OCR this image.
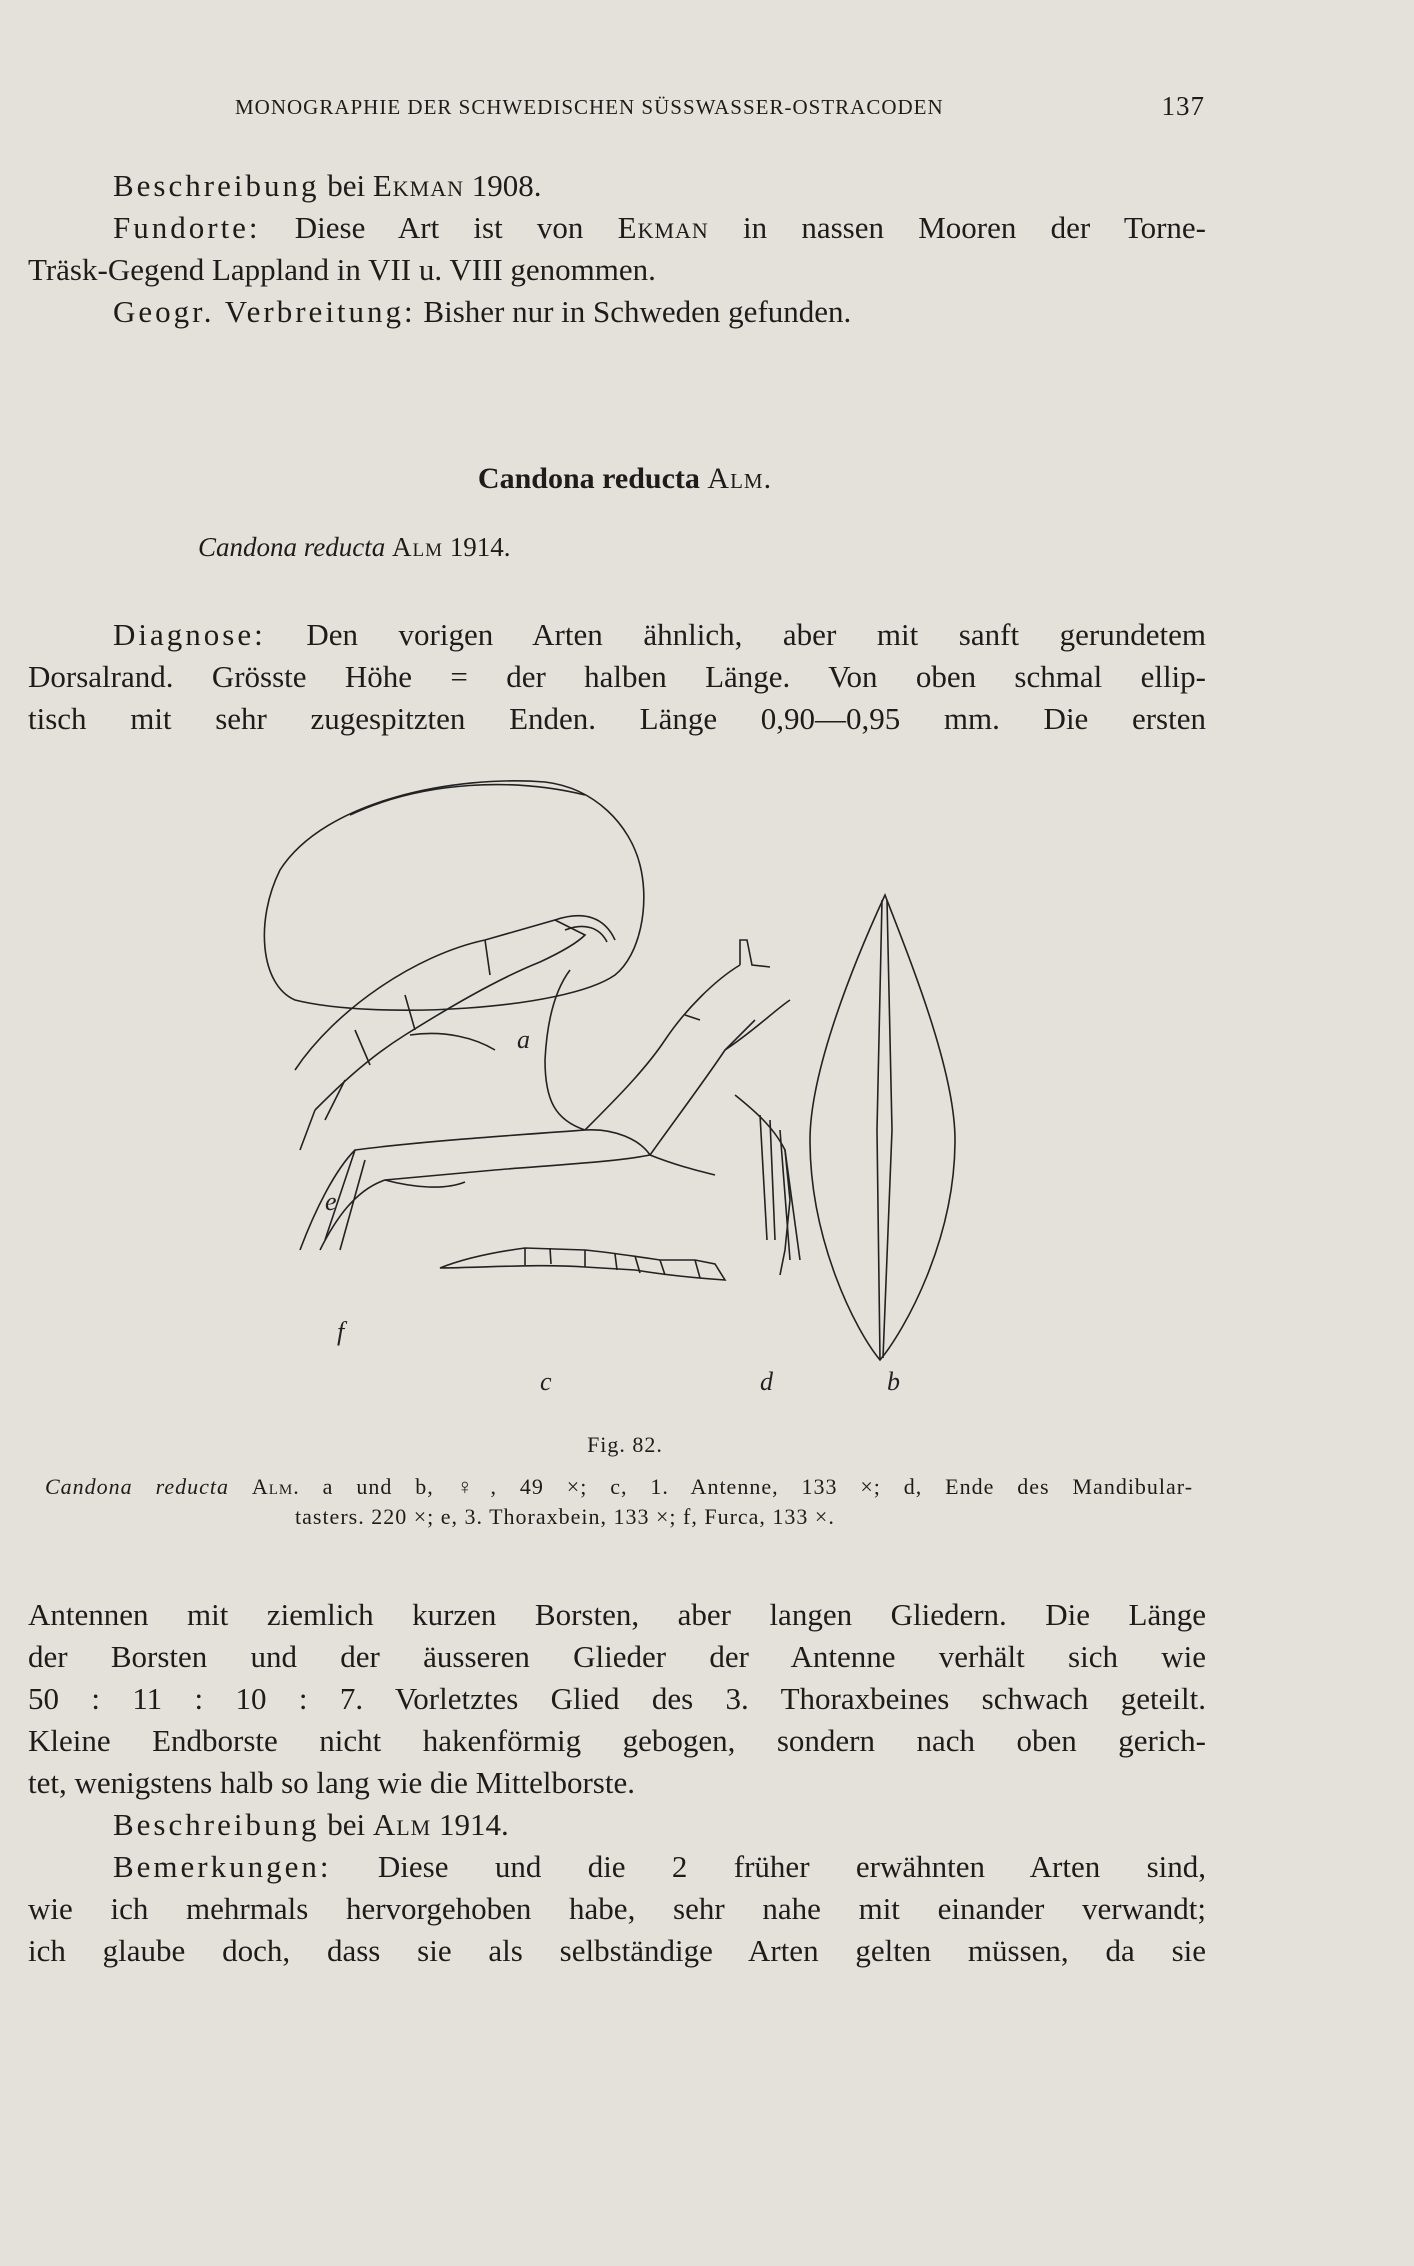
MONOGRAPHIE DER SCHWEDISCHEN SÜSSWASSER-OSTRACODEN	137
Beschreibung bei Ekman 1908.
Fundorte: Diese Art ist von Ekman in nassen Mooren der Torne-
Träsk-Gegend Lappland in VII u. VIII genommen.
Geogr. Verbreitung: Bisher nur in Schweden gefunden.
Candona reducta Alm.
Candona reducta Alm 1914.
Diagnose: Den vorigen Arten ähnlich, aber mit sanft gerundetem
Dorsalrand. Grösste Höhe = der halben Länge. Von oben schmal ellip-
tisch mit sehr zugespitzten Enden. Länge 0,90—0,95 mm. Die ersten
a
b
c	d
e
f
Fig. 82.
Candona reducta Alm. a und b, ♀, 49 ×; c, 1. Antenne, 133 ×; d, Ende des Mandibular-
tasters. 220 ×; e, 3. Thoraxbein, 133 ×; f, Furca, 133 ×.
Antennen mit ziemlich kurzen Borsten, aber langen Gliedern. Die Länge
der Borsten und der äusseren Glieder der Antenne verhält sich wie
50 : 11 : 10 : 7. Vorletztes Glied des 3. Thoraxbeines schwach geteilt.
Kleine Endborste nicht hakenförmig gebogen, sondern nach oben gerich-
tet, wenigstens halb so lang wie die Mittelborste.
Beschreibung bei Alm 1914.
Bemerkungen: Diese und die 2 früher erwähnten Arten sind,
wie ich mehrmals hervorgehoben habe, sehr nahe mit einander verwandt;
ich glaube doch, dass sie als selbständige Arten gelten müssen, da sie
